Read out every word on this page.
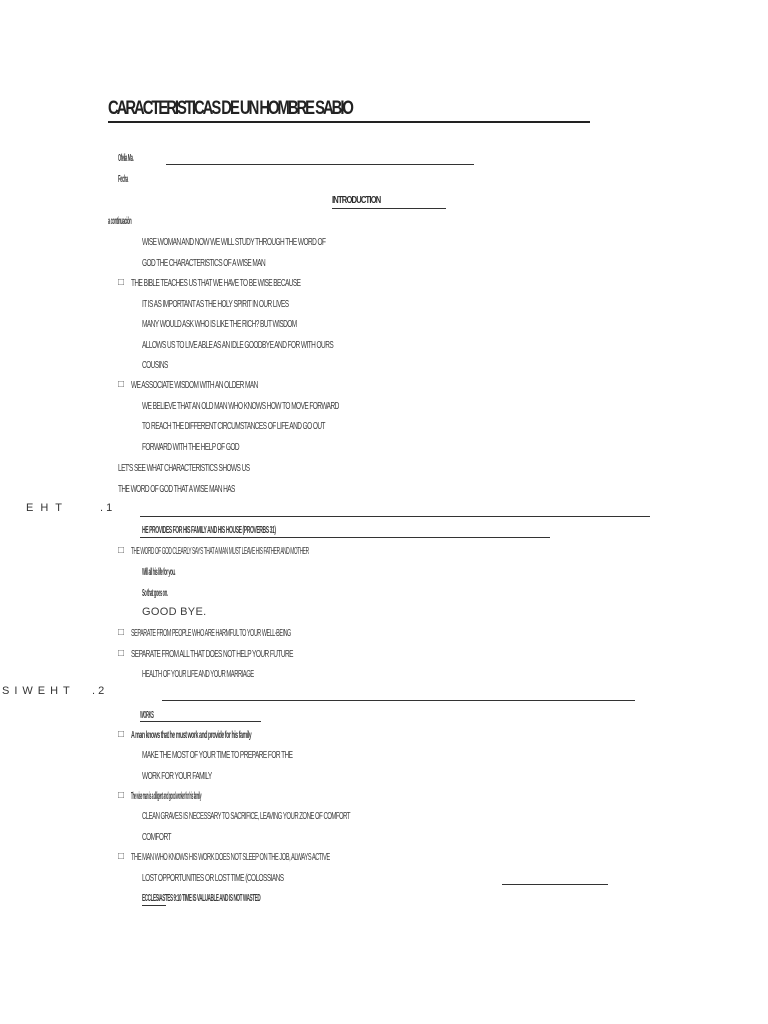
CARACTERISTICAS DE UN HOMBRE SABIO
Ofelia Ma.
Fecha
INTRODUCTION
a continuación
WISE WOMAN AND NOW WE WILL STUDY THROUGH THE WORD OF
GOD THE CHARACTERISTICS OF A WISE MAN
□ THE BIBLE TEACHES US THAT WE HAVE TO BE WISE BECAUSE
IT IS AS IMPORTANT AS THE HOLY SPIRIT IN OUR LIVES
MANY WOULD ASK WHO IS LIKE THE RICH? BUT WISDOM
ALLOWS US TO LIVE ABLE AS AN IDLE GOODBYE AND FOR WITH OURS
COUSINS
□ WE ASSOCIATE WISDOM WITH AN OLDER MAN
WE BELIEVE THAT AN OLD MAN WHO KNOWS HOW TO MOVE FORWARD
TO REACH THE DIFFERENT CIRCUMSTANCES OF LIFE AND GO OUT
FORWARD WITH THE HELP OF GOD
LET'S SEE WHAT CHARACTERISTICS SHOWS US
THE WORD OF GOD THAT A WISE MAN HAS
EHT	. 1
HE PROVIDES FOR HIS FAMILY AND HIS HOUSE (PROVERBS 31)
□ THE WORD OF GOD CLEARLY SAYS THAT A MAN MUST LEAVE HIS FATHER AND MOTHER
Will all his life for you.
So that goes on.
GOOD BYE.
□ SEPARATE FROM PEOPLE WHO ARE HARMFUL TO YOUR WELL-BEING
□ SEPARATE FROM ALL THAT DOES NOT HELP YOUR FUTURE
HEALTH OF YOUR LIFE AND YOUR MARRIAGE
SIWEHT . 2
WORKS
□ A man knows that he must work and provide for his family
MAKE THE MOST OF YOUR TIME TO PREPARE FOR THE
WORK FOR YOUR FAMILY
□ The wise man is a diligent and good worker for his family
CLEAN GRAVES IS NECESSARY TO SACRIFICE, LEAVING YOUR ZONE OF COMFORT
COMFORT
□ THE MAN WHO KNOWS HIS WORK DOES NOT SLEEP ON THE JOB, ALWAYS ACTIVE
LOST OPPORTUNITIES OR LOST TIME (COLOSSIANS
ECCLESIASTES 9:10 TIME IS VALUABLE AND IS NOT WASTED
